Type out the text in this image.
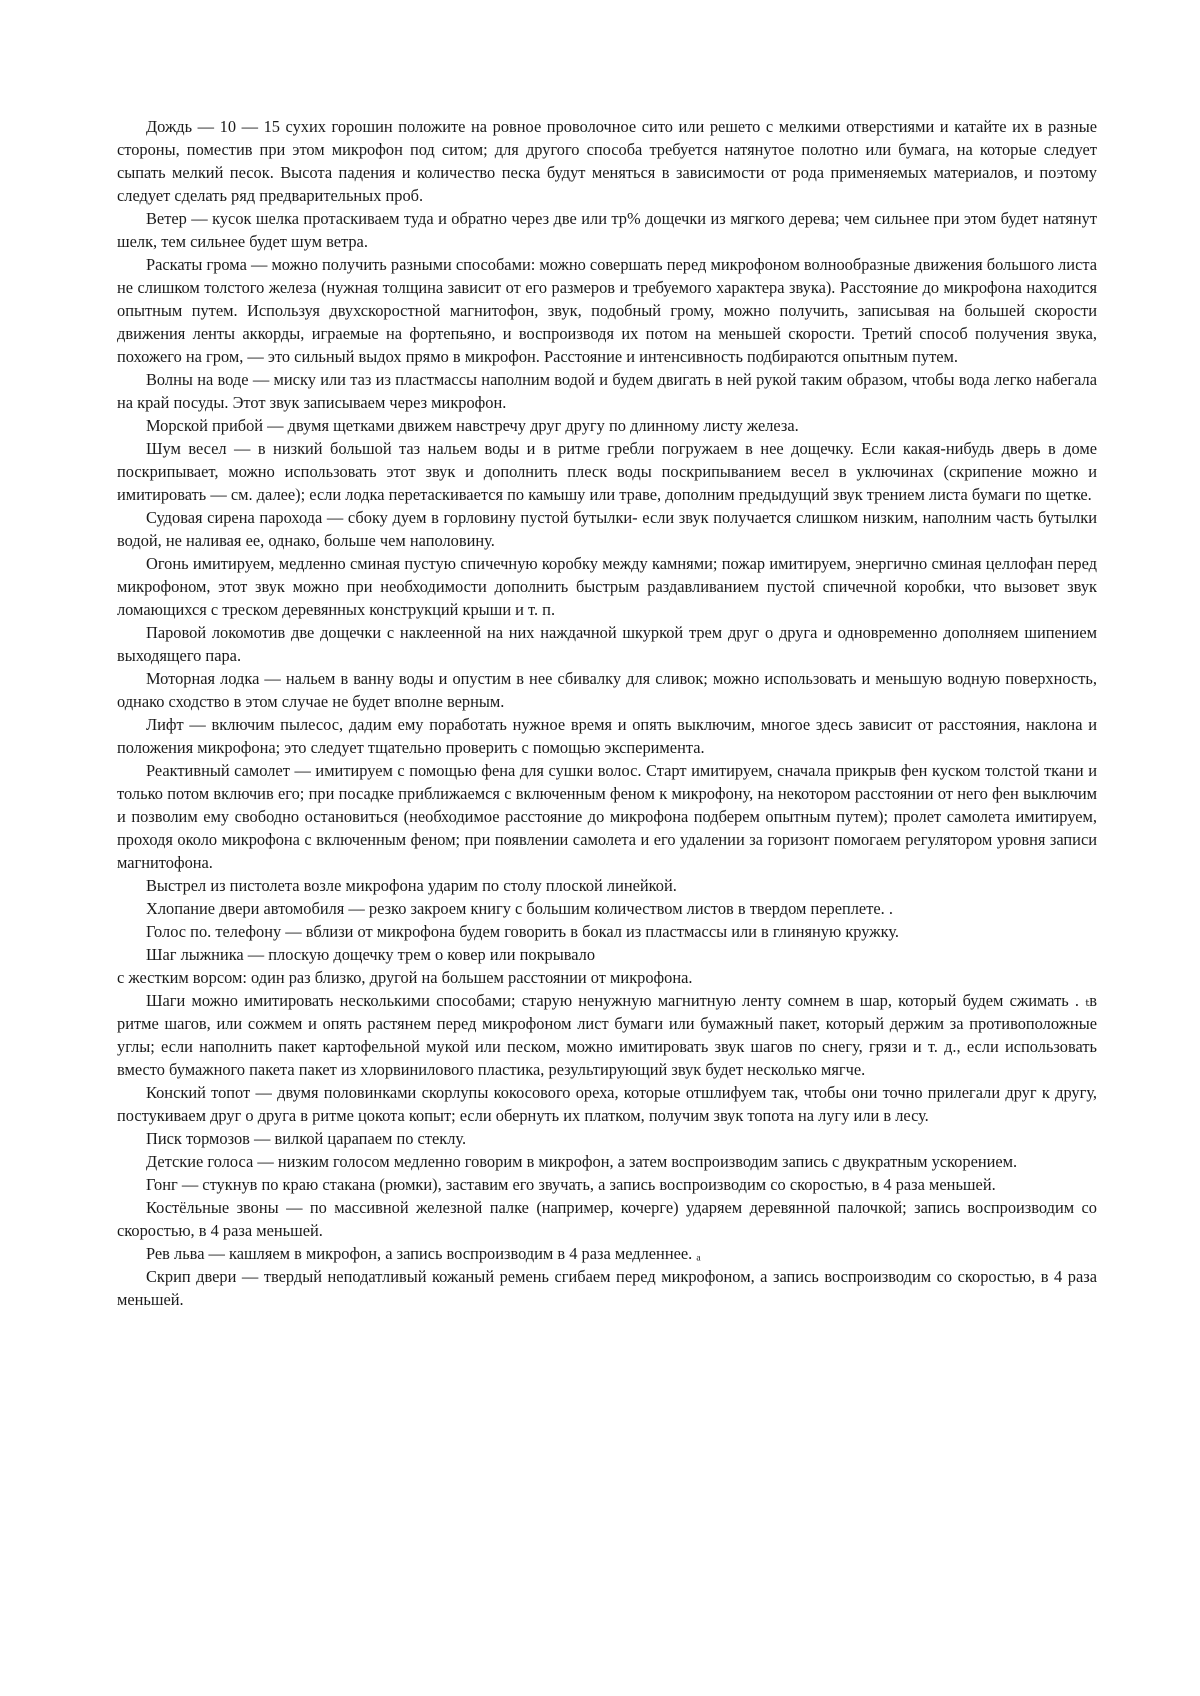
Дождь — 10 — 15 сухих горошин положите на ровное проволочное сито или решето с мелкими отверстиями и катайте их в разные стороны, поместив при этом микрофон под ситом; для другого способа требуется натянутое полотно или бумага, на которые следует сыпать мелкий песок. Высота падения и количество песка будут меняться в зависимости от рода применяемых материалов, и поэтому следует сделать ряд предварительных проб.

Ветер — кусок шелка протаскиваем туда и обратно через две или тр% дощечки из мягкого дерева; чем сильнее при этом будет натянут шелк, тем сильнее будет шум ветра.

Раскаты грома — можно получить разными способами: можно совершать перед микрофоном волнообразные движения большого листа не слишком толстого железа (нужная толщина зависит от его размеров и требуемого характера звука). Расстояние до микрофона находится опытным путем. Используя двухскоростной магнитофон, звук, подобный грому, можно получить, записывая на большей скорости движения ленты аккорды, играемые на фортепьяно, и воспроизводя их потом на меньшей скорости. Третий способ получения звука, похожего на гром, — это сильный выдох прямо в микрофон. Расстояние и интенсивность подбираются опытным путем.

Волны на воде — миску или таз из пластмассы наполним водой и будем двигать в ней рукой таким образом, чтобы вода легко набегала на край посуды. Этот звук записываем через микрофон.

Морской прибой — двумя щетками движем навстречу друг другу по длинному листу железа.

Шум весел — в низкий большой таз нальем воды и в ритме гребли погружаем в нее дощечку. Если какая-нибудь дверь в доме поскрипывает, можно использовать этот звук и дополнить плеск воды поскрипыванием весел в уключинах (скрипение можно и имитировать — см. далее); если лодка перетаскивается по камышу или траве, дополним предыдущий звук трением листа бумаги по щетке.

Судовая сирена парохода — сбоку дуем в горловину пустой бутылки- если звук получается слишком низким, наполним часть бутылки водой, не наливая ее, однако, больше чем наполовину.

Огонь имитируем, медленно сминая пустую спичечную коробку между камнями; пожар имитируем, энергично сминая целлофан перед микрофоном, этот звук можно при необходимости дополнить быстрым раздавливанием пустой спичечной коробки, что вызовет звук ломающихся с треском деревянных конструкций крыши и т. п.

Паровой локомотив две дощечки с наклеенной на них наждачной шкуркой трем друг о друга и одновременно дополняем шипением выходящего пара.

Моторная лодка — нальем в ванну воды и опустим в нее сбивалку для сливок; можно использовать и меньшую водную поверхность, однако сходство в этом случае не будет вполне верным.

Лифт — включим пылесос, дадим ему поработать нужное время и опять выключим, многое здесь зависит от расстояния, наклона и положения микрофона; это следует тщательно проверить с помощью эксперимента.

Реактивный самолет — имитируем с помощью фена для сушки волос. Старт имитируем, сначала прикрыв фен куском толстой ткани и только потом включив его; при посадке приближаемся с включенным феном к микрофону, на некотором расстоянии от него фен выключим и позволим ему свободно остановиться (необходимое расстояние до микрофона подберем опытным путем); пролет самолета имитируем, проходя около микрофона с включенным феном; при появлении самолета и его удалении за горизонт помогаем регулятором уровня записи магнитофона.

Выстрел из пистолета возле микрофона ударим по столу плоской линейкой.

Хлопание двери автомобиля — резко закроем книгу с большим количеством листов в твердом переплете. .

Голос по. телефону — вблизи от микрофона будем говорить в бокал из пластмассы или в глиняную кружку.

Шаг лыжника — плоскую дощечку трем о ковер или покрывало

с жестким ворсом: один раз близко, другой на большем расстоянии от микрофона.

Шаги можно имитировать несколькими способами; старую ненужную магнитную ленту сомнем в шар, который будем сжимать . ₜв ритме шагов, или сожмем и опять растянем перед микрофоном лист бумаги или бумажный пакет, который держим за противоположные углы; если наполнить пакет картофельной мукой или песком, можно имитировать звук шагов по снегу, грязи и т. д., если использовать вместо бумажного пакета пакет из хлорвинилового пластика, результирующий звук будет несколько мягче.

Конский топот — двумя половинками скорлупы кокосового ореха, которые отшлифуем так, чтобы они точно прилегали друг к другу, постукиваем друг о друга в ритме цокота копыт; если обернуть их платком, получим звук топота на лугу или в лесу.

Писк тормозов — вилкой царапаем по стеклу.

Детские голоса — низким голосом медленно говорим в микрофон, а затем воспроизводим запись с двукратным ускорением.

Гонг — стукнув по краю стакана (рюмки), заставим его звучать, а запись воспроизводим со скоростью, в 4 раза меньшей.

Костёльные звоны — по массивной железной палке (например, кочерге) ударяем деревянной палочкой; запись воспроизводим со скоростью, в 4 раза меньшей.

Рев льва — кашляем в микрофон, а запись воспроизводим в 4 раза медленнее. ₐ

Скрип двери — твердый неподатливый кожаный ремень сгибаем перед микрофоном, а запись воспроизводим со скоростью, в 4 раза меньшей.
